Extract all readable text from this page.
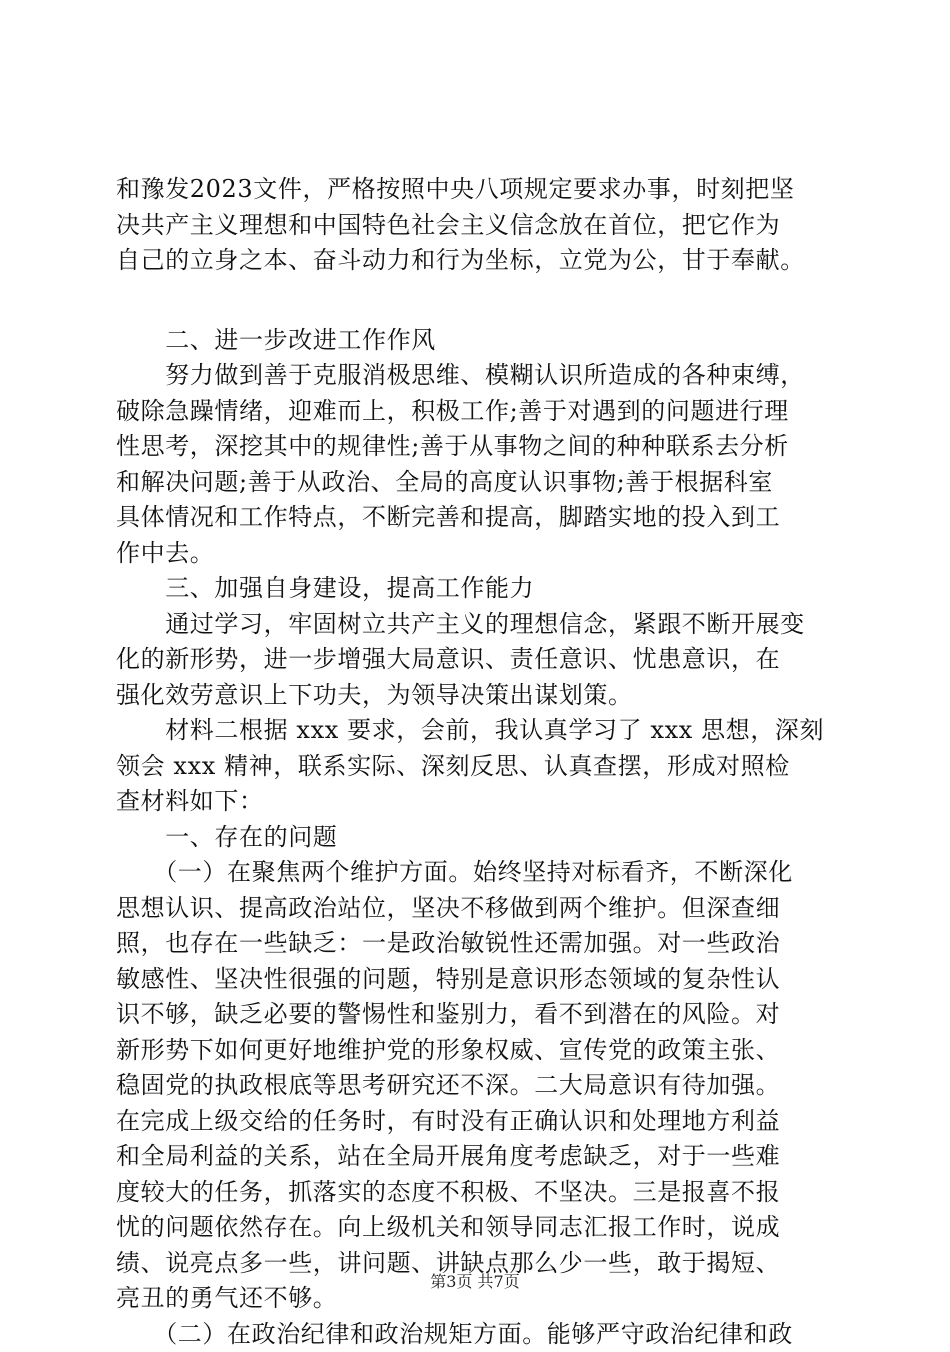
和豫发2023文件，严格按照中央八项规定要求办事，时刻把坚
决共产主义理想和中国特色社会主义信念放在首位，把它作为
自己的立身之本、奋斗动力和行为坐标，立党为公，甘于奉献。
　　二、进一步改进工作作风
　　努力做到善于克服消极思维、模糊认识所造成的各种束缚，
破除急躁情绪，迎难而上，积极工作;善于对遇到的问题进行理
性思考，深挖其中的规律性;善于从事物之间的种种联系去分析
和解决问题;善于从政治、全局的高度认识事物;善于根据科室
具体情况和工作特点，不断完善和提高，脚踏实地的投入到工
作中去。
　　三、加强自身建设，提高工作能力
　　通过学习，牢固树立共产主义的理想信念，紧跟不断开展变
化的新形势，进一步增强大局意识、责任意识、忧患意识，在
强化效劳意识上下功夫，为领导决策出谋划策。
　　材料二根据 xxx 要求，会前，我认真学习了 xxx 思想，深刻
领会 xxx 精神，联系实际、深刻反思、认真查摆，形成对照检
查材料如下：
　　一、存在的问题
　　（一）在聚焦两个维护方面。始终坚持对标看齐，不断深化
思想认识、提高政治站位，坚决不移做到两个维护。但深查细
照，也存在一些缺乏：一是政治敏锐性还需加强。对一些政治
敏感性、坚决性很强的问题，特别是意识形态领域的复杂性认
识不够，缺乏必要的警惕性和鉴别力，看不到潜在的风险。对
新形势下如何更好地维护党的形象权威、宣传党的政策主张、
稳固党的执政根底等思考研究还不深。二大局意识有待加强。
在完成上级交给的任务时，有时没有正确认识和处理地方利益
和全局利益的关系，站在全局开展角度考虑缺乏，对于一些难
度较大的任务，抓落实的态度不积极、不坚决。三是报喜不报
忧的问题依然存在。向上级机关和领导同志汇报工作时，说成
绩、说亮点多一些，讲问题、讲缺点那么少一些，敢于揭短、
亮丑的勇气还不够。
　　（二）在政治纪律和政治规矩方面。能够严守政治纪律和政
第3页 共7页
